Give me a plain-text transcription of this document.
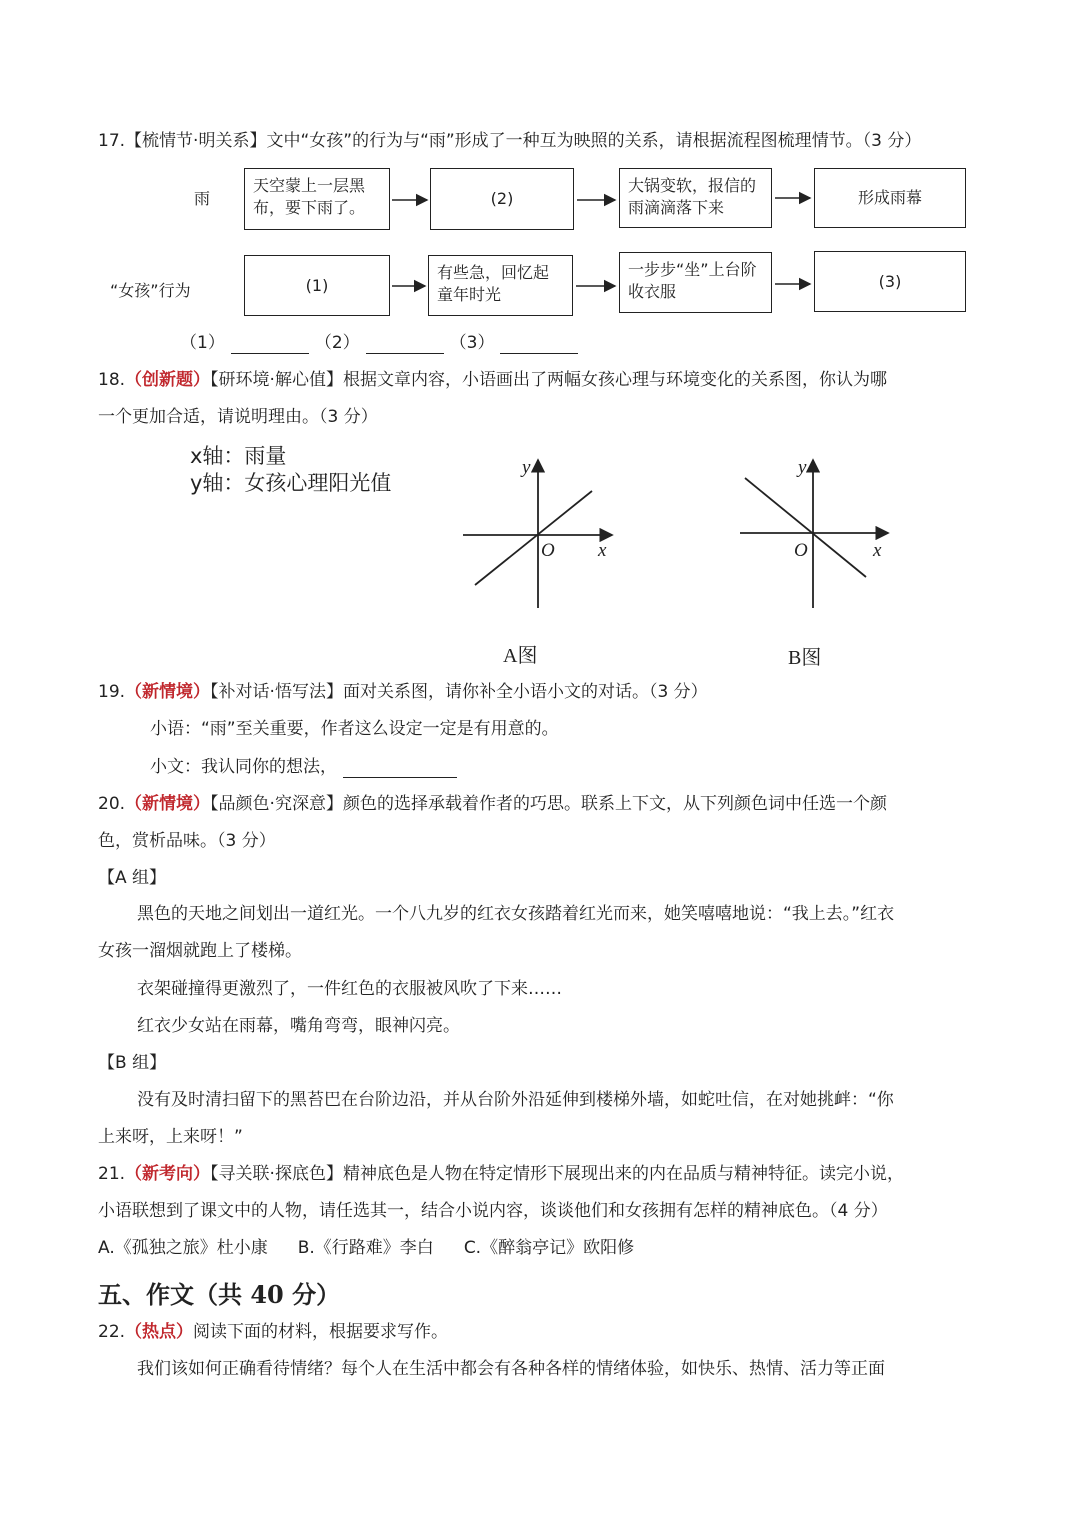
17.【梳情节·明关系】文中“女孩”的行为与“雨”形成了一种互为映照的关系，请根据流程图梳理情节。（3 分）
雨
“女孩”行为
天空蒙上一层黑布，要下雨了。	(2)
大锅变软，报信的雨滴滴落下来
形成雨幕
(1)
有些急，回忆起童年时光
一步步“坐”上台阶收衣服
(3)
y
O x
y
O	x
A图	B图
（1）	（2）	（3）
18.（创新题）【研环境·解心值】根据文章内容，小语画出了两幅女孩心理与环境变化的关系图，你认为哪
一个更加合适，请说明理由。（3 分）
x轴：雨量
y轴：女孩心理阳光值
19.（新情境）【补对话·悟写法】面对关系图，请你补全小语小文的对话。（3 分）
小语：“雨”至关重要，作者这么设定一定是有用意的。
小文：我认同你的想法，
20.（新情境）【品颜色·究深意】颜色的选择承载着作者的巧思。联系上下文，从下列颜色词中任选一个颜
色，赏析品味。（3 分）
【A 组】
黑色的天地之间划出一道红光。一个八九岁的红衣女孩踏着红光而来，她笑嘻嘻地说：“我上去。”红衣
女孩一溜烟就跑上了楼梯。
衣架碰撞得更激烈了，一件红色的衣服被风吹了下来……
红衣少女站在雨幕，嘴角弯弯，眼神闪亮。
【B 组】
没有及时清扫留下的黑苔巴在台阶边沿，并从台阶外沿延伸到楼梯外墙，如蛇吐信，在对她挑衅：“你
上来呀，上来呀！”
21.（新考向）【寻关联·探底色】精神底色是人物在特定情形下展现出来的内在品质与精神特征。读完小说，
小语联想到了课文中的人物，请任选其一，结合小说内容，谈谈他们和女孩拥有怎样的精神底色。（4 分）
A.《孤独之旅》杜小康 B.《行路难》李白 C.《醉翁亭记》欧阳修
五、作文（共 40 分）
22.（热点）阅读下面的材料，根据要求写作。
我们该如何正确看待情绪？每个人在生活中都会有各种各样的情绪体验，如快乐、热情、活力等正面
